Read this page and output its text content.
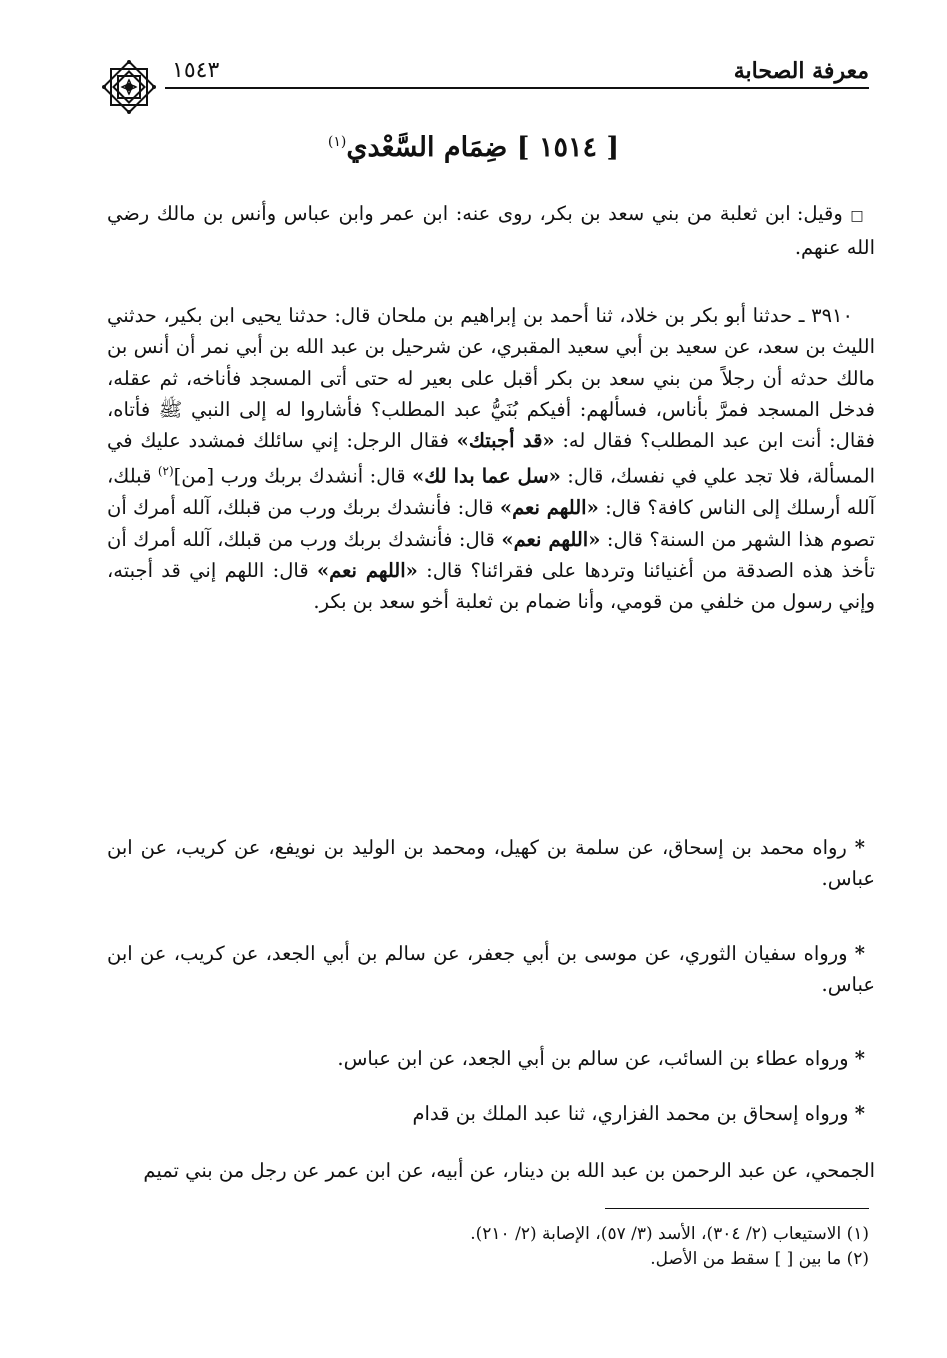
معرفة الصحابة
١٥٤٣
[ ١٥١٤ ] ضِمَام السَّعْدي$^{(١)}$

□ وقيل: ابن ثعلبة من بني سعد بن بكر، روى عنه: ابن عمر وابن عباس وأنس بن مالك رضي الله عنهم.

٣٩١٠ ـ حدثنا أبو بكر بن خلاد، ثنا أحمد بن إبراهيم بن ملحان قال: حدثنا يحيى ابن بكير، حدثني الليث بن سعد، عن سعيد بن أبي سعيد المقبري، عن شرحيل بن عبد الله بن أبي نمر أن أنس بن مالك حدثه أن رجلاً من بني سعد بن بكر أقبل على بعير له حتى أتى المسجد فأناخه، ثم عقله، فدخل المسجد فمرَّ بأناس، فسألهم: أفيكم بُنَيُّ عبد المطلب؟ فأشاروا له إلى النبي ﷺ فأتاه، فقال: أنت ابن عبد المطلب؟ فقال له: «قد أجبتك» فقال الرجل: إني سائلك فمشدد عليك في المسألة، فلا تجد علي في نفسك، قال: «سل عما بدا لك» قال: أنشدك بربك ورب [من]$^{(٢)}$ قبلك، آلله أرسلك إلى الناس كافة؟ قال: «اللهم نعم» قال: فأنشدك بربك ورب من قبلك، آلله أمرك أن تصوم هذا الشهر من السنة؟ قال: «اللهم نعم» قال: فأنشدك بربك ورب من قبلك، آلله أمرك أن تأخذ هذه الصدقة من أغنيائنا وتردها على فقرائنا؟ قال: «اللهم نعم» قال: اللهم إني قد أجبته، وإني رسول من خلفي من قومي، وأنا ضمام بن ثعلبة أخو سعد بن بكر.

* رواه محمد بن إسحاق، عن سلمة بن كهيل، ومحمد بن الوليد بن نويفع، عن كريب، عن ابن عباس.

* ورواه سفيان الثوري، عن موسى بن أبي جعفر، عن سالم بن أبي الجعد، عن كريب، عن ابن عباس.

* ورواه عطاء بن السائب، عن سالم بن أبي الجعد، عن ابن عباس.

* ورواه إسحاق بن محمد الفزاري، ثنا عبد الملك بن قدام

الجمحي، عن عبد الرحمن بن عبد الله بن دينار، عن أبيه، عن ابن عمر عن رجل من بني تميم

(١) الاستيعاب (٢/ ٣٠٤)، الأسد (٣/ ٥٧)، الإصابة (٢/ ٢١٠).

(٢) ما بين [ ] سقط من الأصل.
